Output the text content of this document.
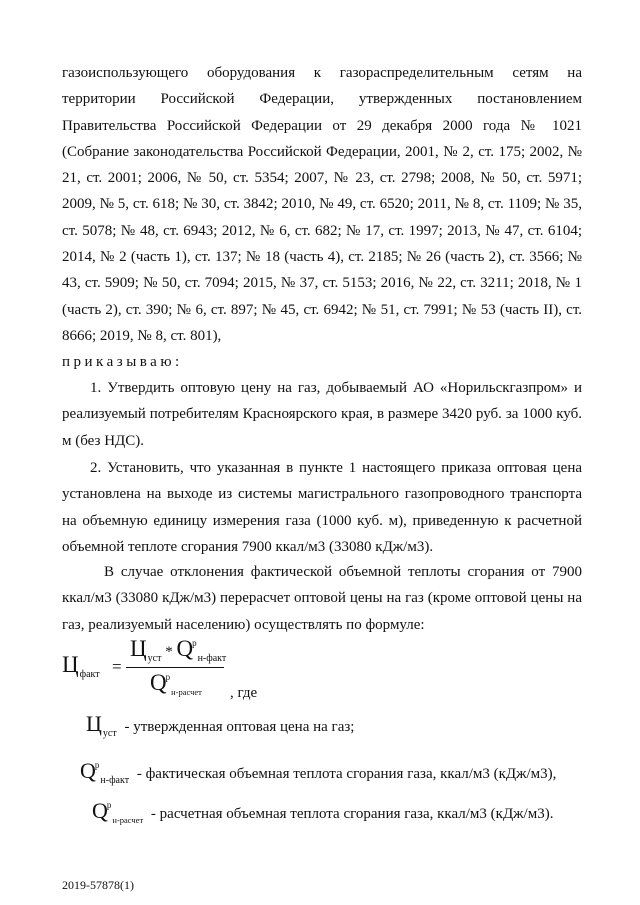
газоиспользующего оборудования к газораспределительным сетям на территории Российской Федерации, утвержденных постановлением Правительства Российской Федерации от 29 декабря 2000 года № 1021 (Собрание законодательства Российской Федерации, 2001, № 2, ст. 175; 2002, № 21, ст. 2001; 2006, № 50, ст. 5354; 2007, № 23, ст. 2798; 2008, № 50, ст. 5971; 2009, № 5, ст. 618; № 30, ст. 3842; 2010, № 49, ст. 6520; 2011, № 8, ст. 1109; № 35, ст. 5078; № 48, ст. 6943; 2012, № 6, ст. 682; № 17, ст. 1997; 2013, № 47, ст. 6104; 2014, № 2 (часть 1), ст. 137; № 18 (часть 4), ст. 2185; № 26 (часть 2), ст. 3566; № 43, ст. 5909; № 50, ст. 7094; 2015, № 37, ст. 5153; 2016, № 22, ст. 3211; 2018, № 1 (часть 2), ст. 390; № 6, ст. 897; № 45, ст. 6942; № 51, ст. 7991; № 53 (часть II), ст. 8666; 2019, № 8, ст. 801),
приказываю:
1. Утвердить оптовую цену на газ, добываемый АО «Норильскгазпром» и реализуемый потребителям Красноярского края, в размере 3420 руб. за 1000 куб. м (без НДС).
2. Установить, что указанная в пункте 1 настоящего приказа оптовая цена установлена на выходе из системы магистрального газопроводного транспорта на объемную единицу измерения газа (1000 куб. м), приведенную к расчетной объемной теплоте сгорания 7900 ккал/м3 (33080 кДж/м3).
В случае отклонения фактической объемной теплоты сгорания от 7900 ккал/м3 (33080 кДж/м3) перерасчет оптовой цены на газ (кроме оптовой цены на газ, реализуемый населению) осуществлять по формуле:
$Ц_{факт}$ =
$Ц_{уст} * Q^р_{н-факт}$
$Q^р_{н-расчет}$ , где
$Ц_{уст}$ - утвержденная оптовая цена на газ;
$Q^р_{н-факт}$ - фактическая объемная теплота сгорания газа, ккал/м3 (кДж/м3),
$Q^р_{н-расчет}$ - расчетная объемная теплота сгорания газа, ккал/м3 (кДж/м3).
2019-57878(1)
